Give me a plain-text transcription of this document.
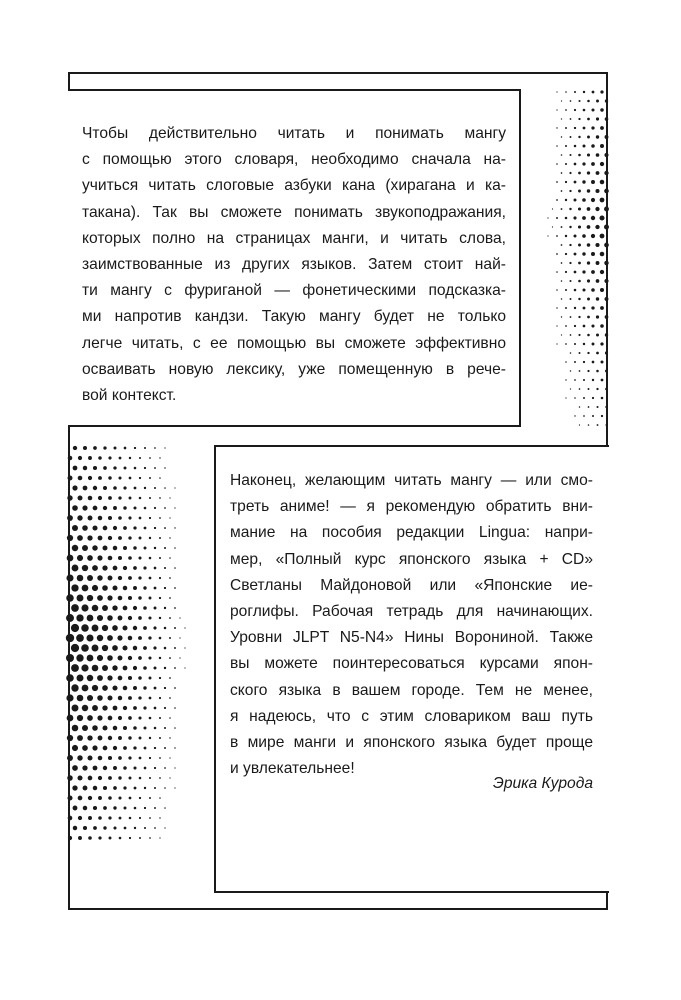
Чтобы действительно читать и понимать мангу
с помощью этого словаря, необходимо сначала на-
учиться читать слоговые азбуки кана (хирагана и ка-
такана). Так вы сможете понимать звукоподражания,
которых полно на страницах манги, и читать слова,
заимствованные из других языков. Затем стоит най-
ти мангу с фуриганой — фонетическими подсказка-
ми напротив кандзи. Такую мангу будет не только
легче читать, с ее помощью вы сможете эффективно
осваивать новую лексику, уже помещенную в рече-
вой контекст.
Наконец, желающим читать мангу — или смо-
треть аниме! — я рекомендую обратить вни-
мание на пособия редакции Lingua: напри-
мер, «Полный курс японского языка + CD»
Светланы Майдоновой или «Японские ие-
роглифы. Рабочая тетрадь для начинающих.
Уровни JLPT N5-N4» Нины Ворониной. Также
вы можете поинтересоваться курсами япон-
ского языка в вашем городе. Тем не менее,
я надеюсь, что с этим словариком ваш путь
в мире манги и японского языка будет проще
и увлекательнее!

Эрика Курода
